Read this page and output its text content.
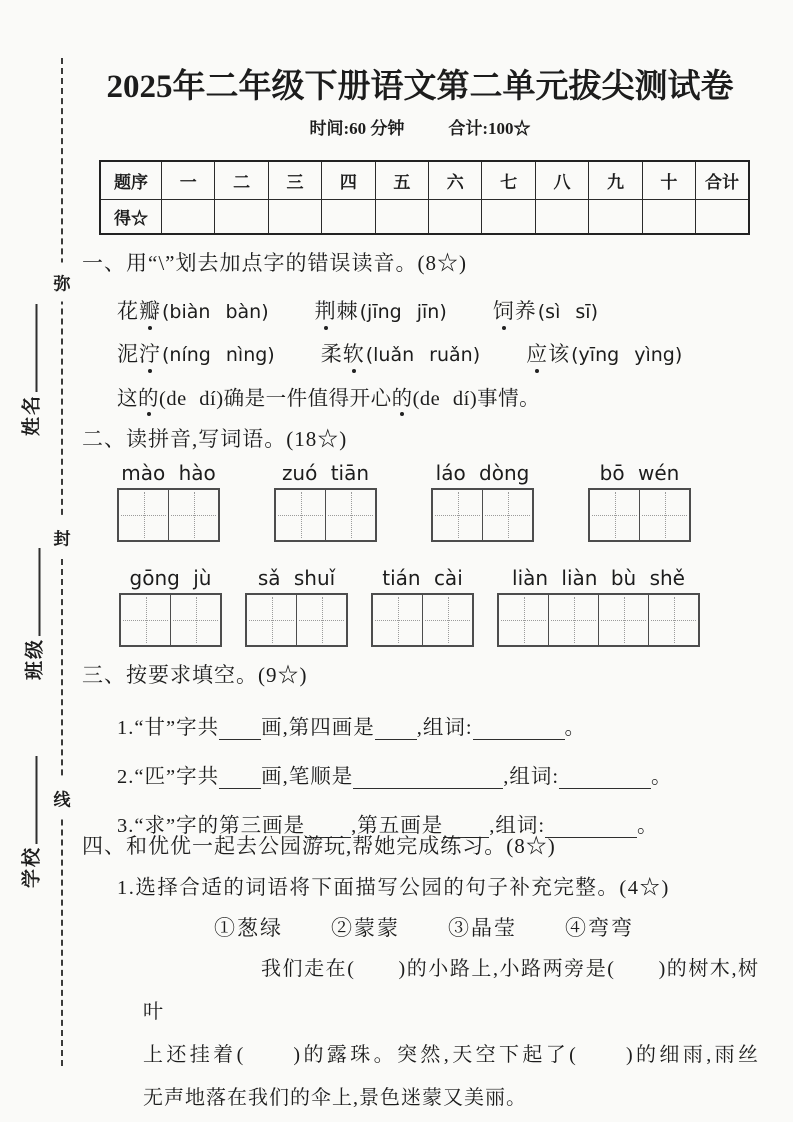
弥
封
线
姓名
班级
学校
2025年二年级下册语文第二单元拔尖测试卷
时间:60 分钟	合计:100☆
题序	一	二	三	四	五	六	七	八	九	十	合计
得☆											
一、用“\”划去加点字的错误读音。(8☆)
花瓣(biàn bàn) 荆棘(jīng jīn) 饲养(sì sī)
泥泞(níng nìng) 柔软(luǎn ruǎn) 应该(yīng yìng)
这 的 (de dí)确是一件值得开心 的 (de dí)事情。
二、读拼音,写词语。(18☆)
mào hào	zuó tiān	láo dòng	bō wén
gōng jù	sǎ shuǐ	tián cài	liàn liàn bù shě
三、按要求填空。(9☆)
1.“甘”字共 画,第四画是 ,组词:	。
2.“匹”字共 画,笔顺是	,组词:	。
3.“求”字的第三画是 ,第五画是 ,组词:	。
四、和优优一起去公园游玩,帮她完成练习。(8☆)
1.选择合适的词语将下面描写公园的句子补充完整。(4☆)
①葱绿 ②蒙蒙 ③晶莹 ④弯弯
我们走在(　　)的小路上,小路两旁是(　　)的树木,树叶
上还挂着(　　)的露珠。突然,天空下起了(　　)的细雨,雨丝
无声地落在我们的伞上,景色迷蒙又美丽。
